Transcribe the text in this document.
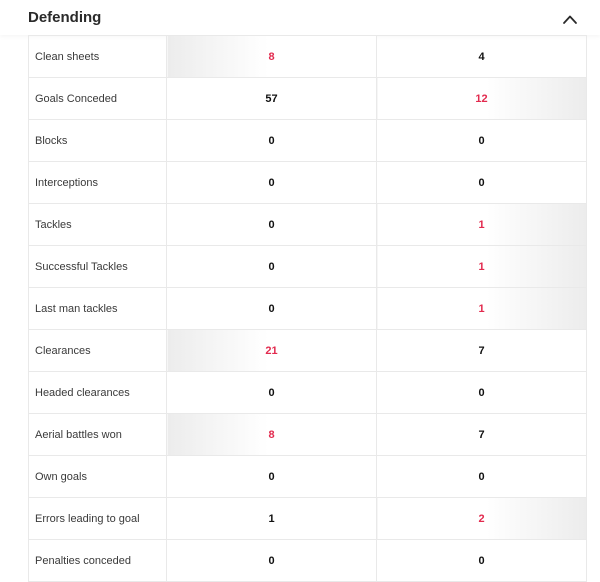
Defending
Clean sheets	8	4
Goals Conceded	57	12
Blocks	0	0
Interceptions	0	0
Tackles	0	1
Successful Tackles	0	1
Last man tackles	0	1
Clearances	21	7
Headed clearances	0	0
Aerial battles won	8	7
Own goals	0	0
Errors leading to goal	1	2
Penalties conceded	0	0
